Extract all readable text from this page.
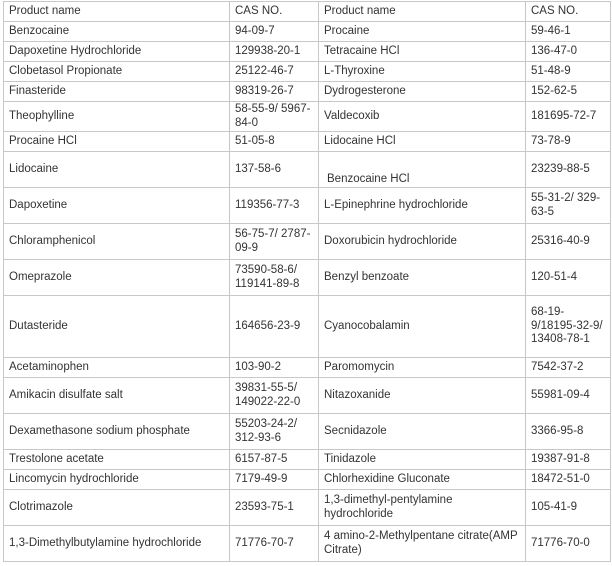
Product name	CAS NO.	Product name	CAS NO.
Benzocaine	94-09-7	Procaine	59-46-1
Dapoxetine Hydrochloride	129938-20-1	Tetracaine HCl	136-47-0
Clobetasol Propionate	25122-46-7	L-Thyroxine	51-48-9
Finasteride	98319-26-7	Dydrogesterone	152-62-5
Theophylline	58-55-9/ 5967-84-0	Valdecoxib	181695-72-7
Procaine HCl	51-05-8	Lidocaine HCl	73-78-9
Lidocaine	137-58-6	Benzocaine HCl	23239-88-5
Dapoxetine	119356-77-3	L-Epinephrine hydrochloride	55-31-2/ 329-63-5
Chloramphenicol	56-75-7/ 2787-09-9	Doxorubicin hydrochloride	25316-40-9
Omeprazole	73590-58-6/ 119141-89-8	Benzyl benzoate	120-51-4
Dutasteride	164656-23-9	Cyanocobalamin	68-19-9/18195-32-9/ 13408-78-1
Acetaminophen	103-90-2	Paromomycin	7542-37-2
Amikacin disulfate salt	39831-55-5/ 149022-22-0	Nitazoxanide	55981-09-4
Dexamethasone sodium phosphate	55203-24-2/ 312-93-6	Secnidazole	3366-95-8
Trestolone acetate	6157-87-5	Tinidazole	19387-91-8
Lincomycin hydrochloride	7179-49-9	Chlorhexidine Gluconate	18472-51-0
Clotrimazole	23593-75-1	1,3-dimethyl-pentylamine hydrochloride	105-41-9
1,3-Dimethylbutylamine hydrochloride	71776-70-7	4 amino-2-Methylpentane citrate(AMP Citrate)	71776-70-0
